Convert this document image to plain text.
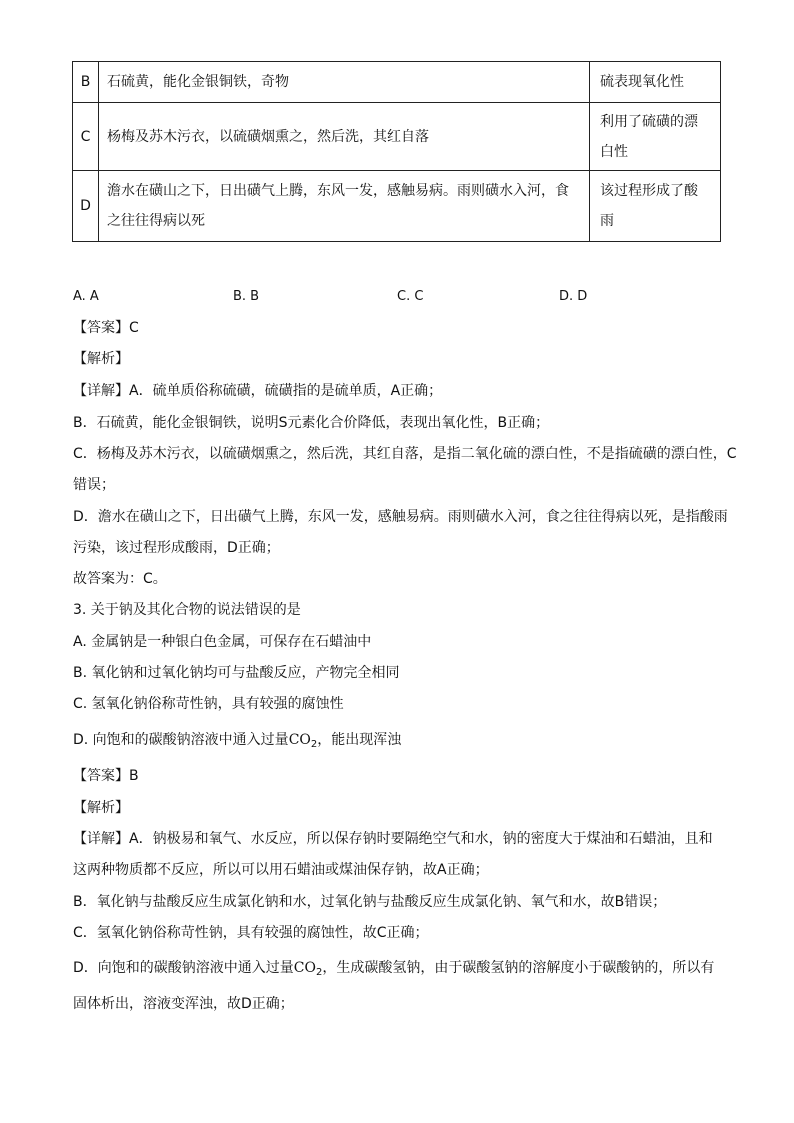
B	石硫黄，能化金银铜铁，奇物	硫表现氧化性
C	杨梅及苏木污衣，以硫磺烟熏之，然后洗，其红自落	利用了硫磺的漂白性
D	澹水在磺山之下，日出磺气上腾，东风一发，感触易病。雨则磺水入河，食之往往得病以死	该过程形成了酸雨
A. A	B. B	C. C	D. D
【答案】C
【解析】
【详解】A．硫单质俗称硫磺，硫磺指的是硫单质，A正确；
B．石硫黄，能化金银铜铁，说明S元素化合价降低，表现出氧化性，B正确；
C．杨梅及苏木污衣，以硫磺烟熏之，然后洗，其红自落，是指二氧化硫的漂白性，不是指硫磺的漂白性，C
错误；
D．澹水在磺山之下，日出磺气上腾，东风一发，感触易病。雨则磺水入河，食之往往得病以死，是指酸雨
污染，该过程形成酸雨，D正确；
故答案为：C。
3. 关于钠及其化合物的说法错误的是
A. 金属钠是一种银白色金属，可保存在石蜡油中
B. 氧化钠和过氧化钠均可与盐酸反应，产物完全相同
C. 氢氧化钠俗称苛性钠，具有较强的腐蚀性
D. 向饱和的碳酸钠溶液中通入过量$CO_2$，能出现浑浊
【答案】B
【解析】
【详解】A．钠极易和氧气、水反应，所以保存钠时要隔绝空气和水，钠的密度大于煤油和石蜡油，且和
这两种物质都不反应，所以可以用石蜡油或煤油保存钠，故A正确；
B．氧化钠与盐酸反应生成氯化钠和水，过氧化钠与盐酸反应生成氯化钠、氧气和水，故B错误；
C．氢氧化钠俗称苛性钠，具有较强的腐蚀性，故C正确；
D．向饱和的碳酸钠溶液中通入过量$CO_2$，生成碳酸氢钠，由于碳酸氢钠的溶解度小于碳酸钠的，所以有
固体析出，溶液变浑浊，故D正确；
